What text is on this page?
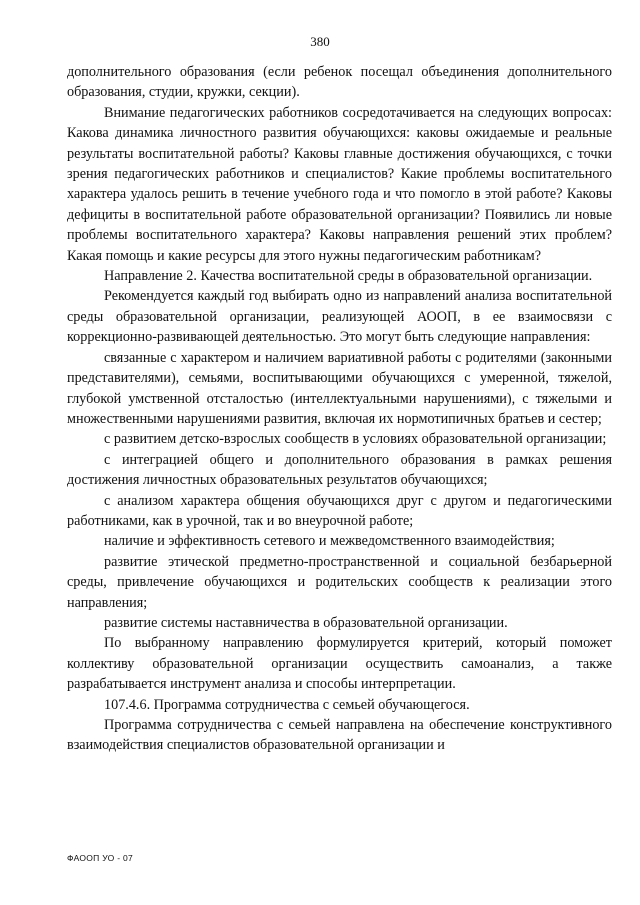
380

дополнительного образования (если ребенок посещал объединения дополнительного образования, студии, кружки, секции).

Внимание педагогических работников сосредотачивается на следующих вопросах: Какова динамика личностного развития обучающихся: каковы ожидаемые и реальные результаты воспитательной работы? Каковы главные достижения обучающихся, с точки зрения педагогических работников и специалистов? Какие проблемы воспитательного характера удалось решить в течение учебного года и что помогло в этой работе? Каковы дефициты в воспитательной работе образовательной организации? Появились ли новые проблемы воспитательного характера? Каковы направления решений этих проблем? Какая помощь и какие ресурсы для этого нужны педагогическим работникам?

Направление 2. Качества воспитательной среды в образовательной организации.

Рекомендуется каждый год выбирать одно из направлений анализа воспитательной среды образовательной организации, реализующей АООП, в ее взаимосвязи с коррекционно-развивающей деятельностью. Это могут быть следующие направления:

связанные с характером и наличием вариативной работы с родителями (законными представителями), семьями, воспитывающими обучающихся с умеренной, тяжелой, глубокой умственной отсталостью (интеллектуальными нарушениями), с тяжелыми и множественными нарушениями развития, включая их нормотипичных братьев и сестер;

с развитием детско-взрослых сообществ в условиях образовательной организации;

с интеграцией общего и дополнительного образования в рамках решения достижения личностных образовательных результатов обучающихся;

с анализом характера общения обучающихся друг с другом и педагогическими работниками, как в урочной, так и во внеурочной работе;

наличие и эффективность сетевого и межведомственного взаимодействия;

развитие этической предметно-пространственной и социальной безбарьерной среды, привлечение обучающихся и родительских сообществ к реализации этого направления;

развитие системы наставничества в образовательной организации.

По выбранному направлению формулируется критерий, который поможет коллективу образовательной организации осуществить самоанализ, а также разрабатывается инструмент анализа и способы интерпретации.

107.4.6. Программа сотрудничества с семьей обучающегося.

Программа сотрудничества с семьей направлена на обеспечение конструктивного взаимодействия специалистов образовательной организации и

ФАООП УО - 07
